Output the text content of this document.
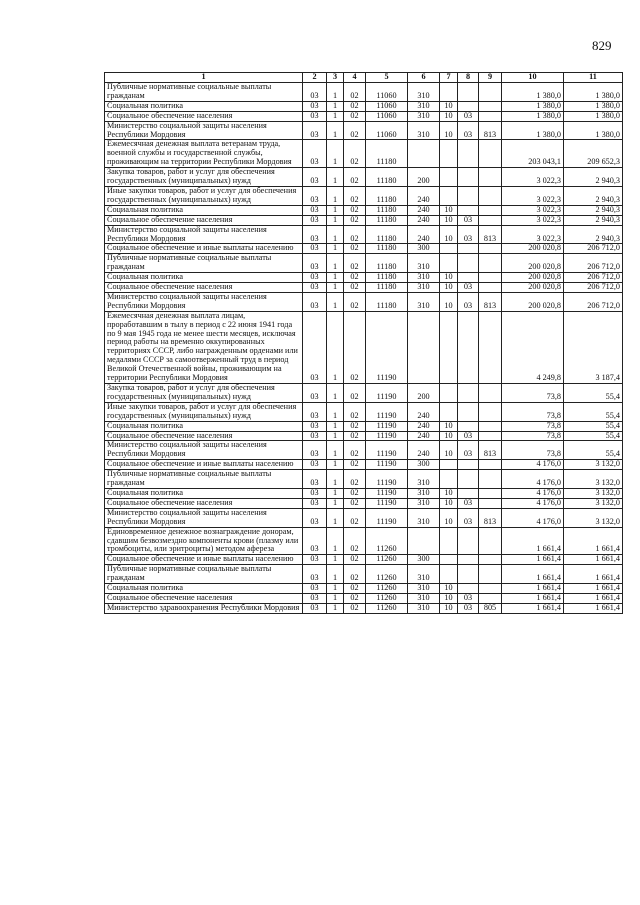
829
1	2	3	4	5	6	7	8	9	10	11
Публичные нормативные социальные выплаты гражданам	03	1	02	11060	310				1 380,0	1 380,0
Социальная политика	03	1	02	11060	310	10			1 380,0	1 380,0
Социальное обеспечение населения	03	1	02	11060	310	10	03		1 380,0	1 380,0
Министерство социальной защиты населения Республики Мордовия	03	1	02	11060	310	10	03	813	1 380,0	1 380,0
Ежемесячная денежная выплата ветеранам труда, военной службы и государственной службы, проживающим на территории Республики Мордовия	03	1	02	11180					203 043,1	209 652,3
Закупка товаров, работ и услуг для обеспечения государственных (муниципальных) нужд	03	1	02	11180	200				3 022,3	2 940,3
Иные закупки товаров, работ и услуг для обеспечения государственных (муниципальных) нужд	03	1	02	11180	240				3 022,3	2 940,3
Социальная политика	03	1	02	11180	240	10			3 022,3	2 940,3
Социальное обеспечение населения	03	1	02	11180	240	10	03		3 022,3	2 940,3
Министерство социальной защиты населения Республики Мордовия	03	1	02	11180	240	10	03	813	3 022,3	2 940,3
Социальное обеспечение и иные выплаты населению	03	1	02	11180	300				200 020,8	206 712,0
Публичные нормативные социальные выплаты гражданам	03	1	02	11180	310				200 020,8	206 712,0
Социальная политика	03	1	02	11180	310	10			200 020,8	206 712,0
Социальное обеспечение населения	03	1	02	11180	310	10	03		200 020,8	206 712,0
Министерство социальной защиты населения Республики Мордовия	03	1	02	11180	310	10	03	813	200 020,8	206 712,0
Ежемесячная денежная выплата лицам, проработавшим в тылу в период с 22 июня 1941 года по 9 мая 1945 года не менее шести месяцев, исключая период работы на временно оккупированных территориях СССР, либо награжденным орденами или медалями СССР за самоотверженный труд в период Великой Отечественной войны, проживающим на территории Республики Мордовия	03	1	02	11190					4 249,8	3 187,4
Закупка товаров, работ и услуг для обеспечения государственных (муниципальных) нужд	03	1	02	11190	200				73,8	55,4
Иные закупки товаров, работ и услуг для обеспечения государственных (муниципальных) нужд	03	1	02	11190	240				73,8	55,4
Социальная политика	03	1	02	11190	240	10			73,8	55,4
Социальное обеспечение населения	03	1	02	11190	240	10	03		73,8	55,4
Министерство социальной защиты населения Республики Мордовия	03	1	02	11190	240	10	03	813	73,8	55,4
Социальное обеспечение и иные выплаты населению	03	1	02	11190	300				4 176,0	3 132,0
Публичные нормативные социальные выплаты гражданам	03	1	02	11190	310				4 176,0	3 132,0
Социальная политика	03	1	02	11190	310	10			4 176,0	3 132,0
Социальное обеспечение населения	03	1	02	11190	310	10	03		4 176,0	3 132,0
Министерство социальной защиты населения Республики Мордовия	03	1	02	11190	310	10	03	813	4 176,0	3 132,0
Единовременное денежное вознаграждение донорам, сдавшим безвозмездно компоненты крови (плазму или тромбоциты, или эритроциты) методом афереза	03	1	02	11260					1 661,4	1 661,4
Социальное обеспечение и иные выплаты населению	03	1	02	11260	300				1 661,4	1 661,4
Публичные нормативные социальные выплаты гражданам	03	1	02	11260	310				1 661,4	1 661,4
Социальная политика	03	1	02	11260	310	10			1 661,4	1 661,4
Социальное обеспечение населения	03	1	02	11260	310	10	03		1 661,4	1 661,4
Министерство здравоохранения Республики Мордовия	03	1	02	11260	310	10	03	805	1 661,4	1 661,4
